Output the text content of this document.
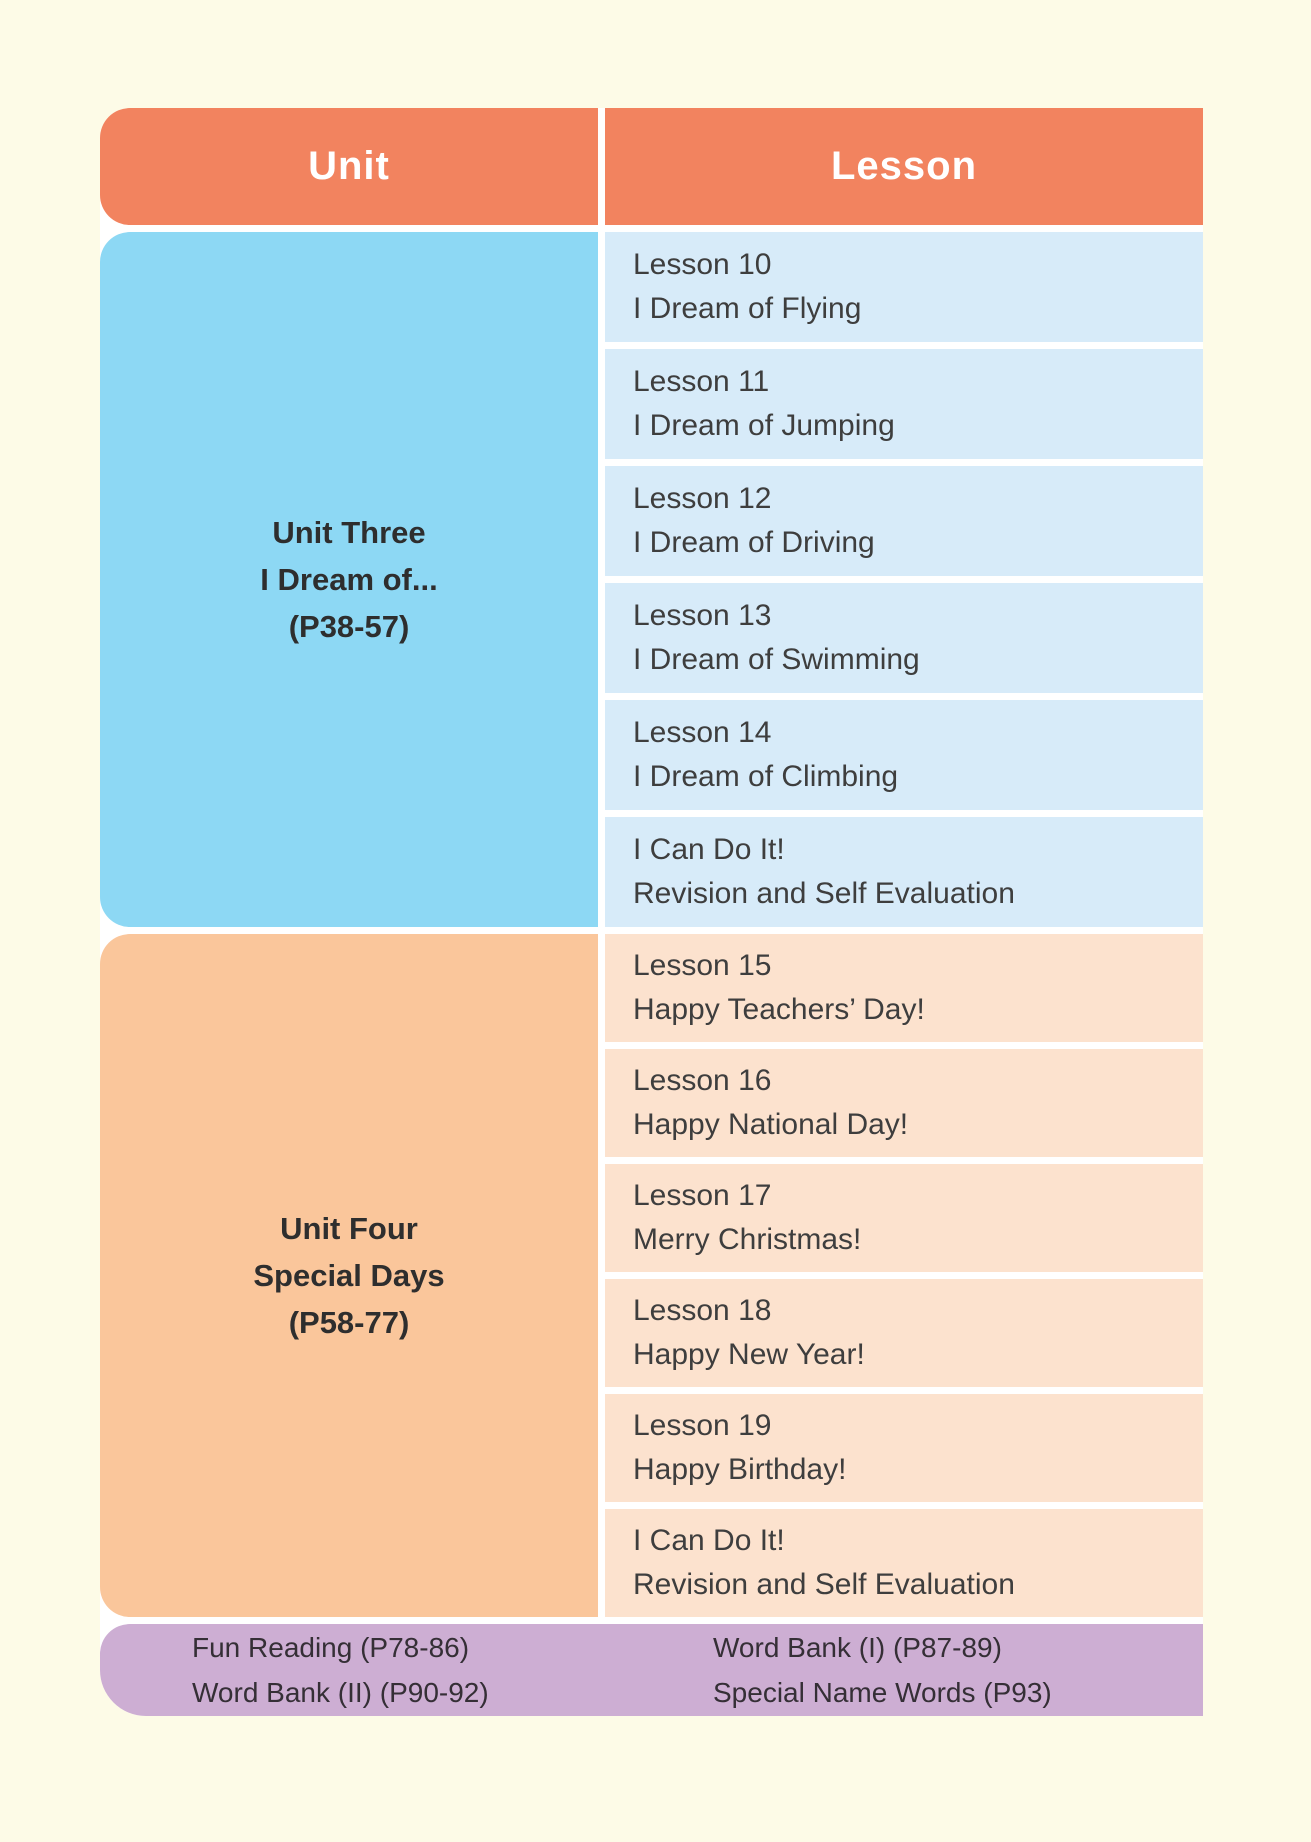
Unit	Lesson
Unit Three
I Dream of...
(P38-57)
Lesson 10
I Dream of Flying
Lesson 11
I Dream of Jumping
Lesson 12
I Dream of Driving
Lesson 13
I Dream of Swimming
Lesson 14
I Dream of Climbing
I Can Do It!
Revision and Self Evaluation
Unit Four
Special Days
(P58-77)
Lesson 15
Happy Teachers’ Day!
Lesson 16
Happy National Day!
Lesson 17
Merry Christmas!
Lesson 18
Happy New Year!
Lesson 19
Happy Birthday!
I Can Do It!
Revision and Self Evaluation
Fun Reading (P78-86)
Word Bank (II) (P90-92)
Word Bank (I) (P87-89)
Special Name Words (P93)
